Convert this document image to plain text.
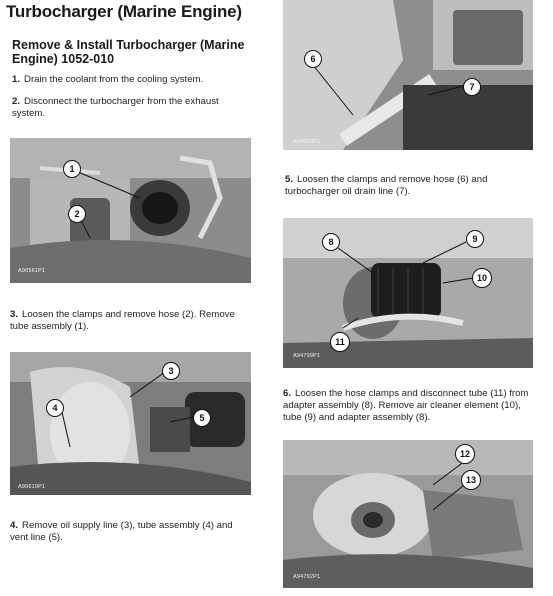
Turbocharger (Marine Engine)
Remove & Install Turbocharger (Marine Engine) 1052-010
1. Drain the coolant from the cooling system.
2. Disconnect the turbocharger from the exhaust system.
1
2
A90561P1
3. Loosen the clamps and remove hose (2). Remove tube assembly (1).
3
4
5
A90619P1
4. Remove oil supply line (3), tube assembly (4) and vent line (5).
6
7
A94800P1
5. Loosen the clamps and remove hose (6) and turbocharger oil drain line (7).
8	9
10
11
A94799P1
6. Loosen the hose clamps and disconnect tube (11) from adapter assembly (8). Remove air cleaner element (10), tube (9) and adapter assembly (8).
12
13
A94792P1
